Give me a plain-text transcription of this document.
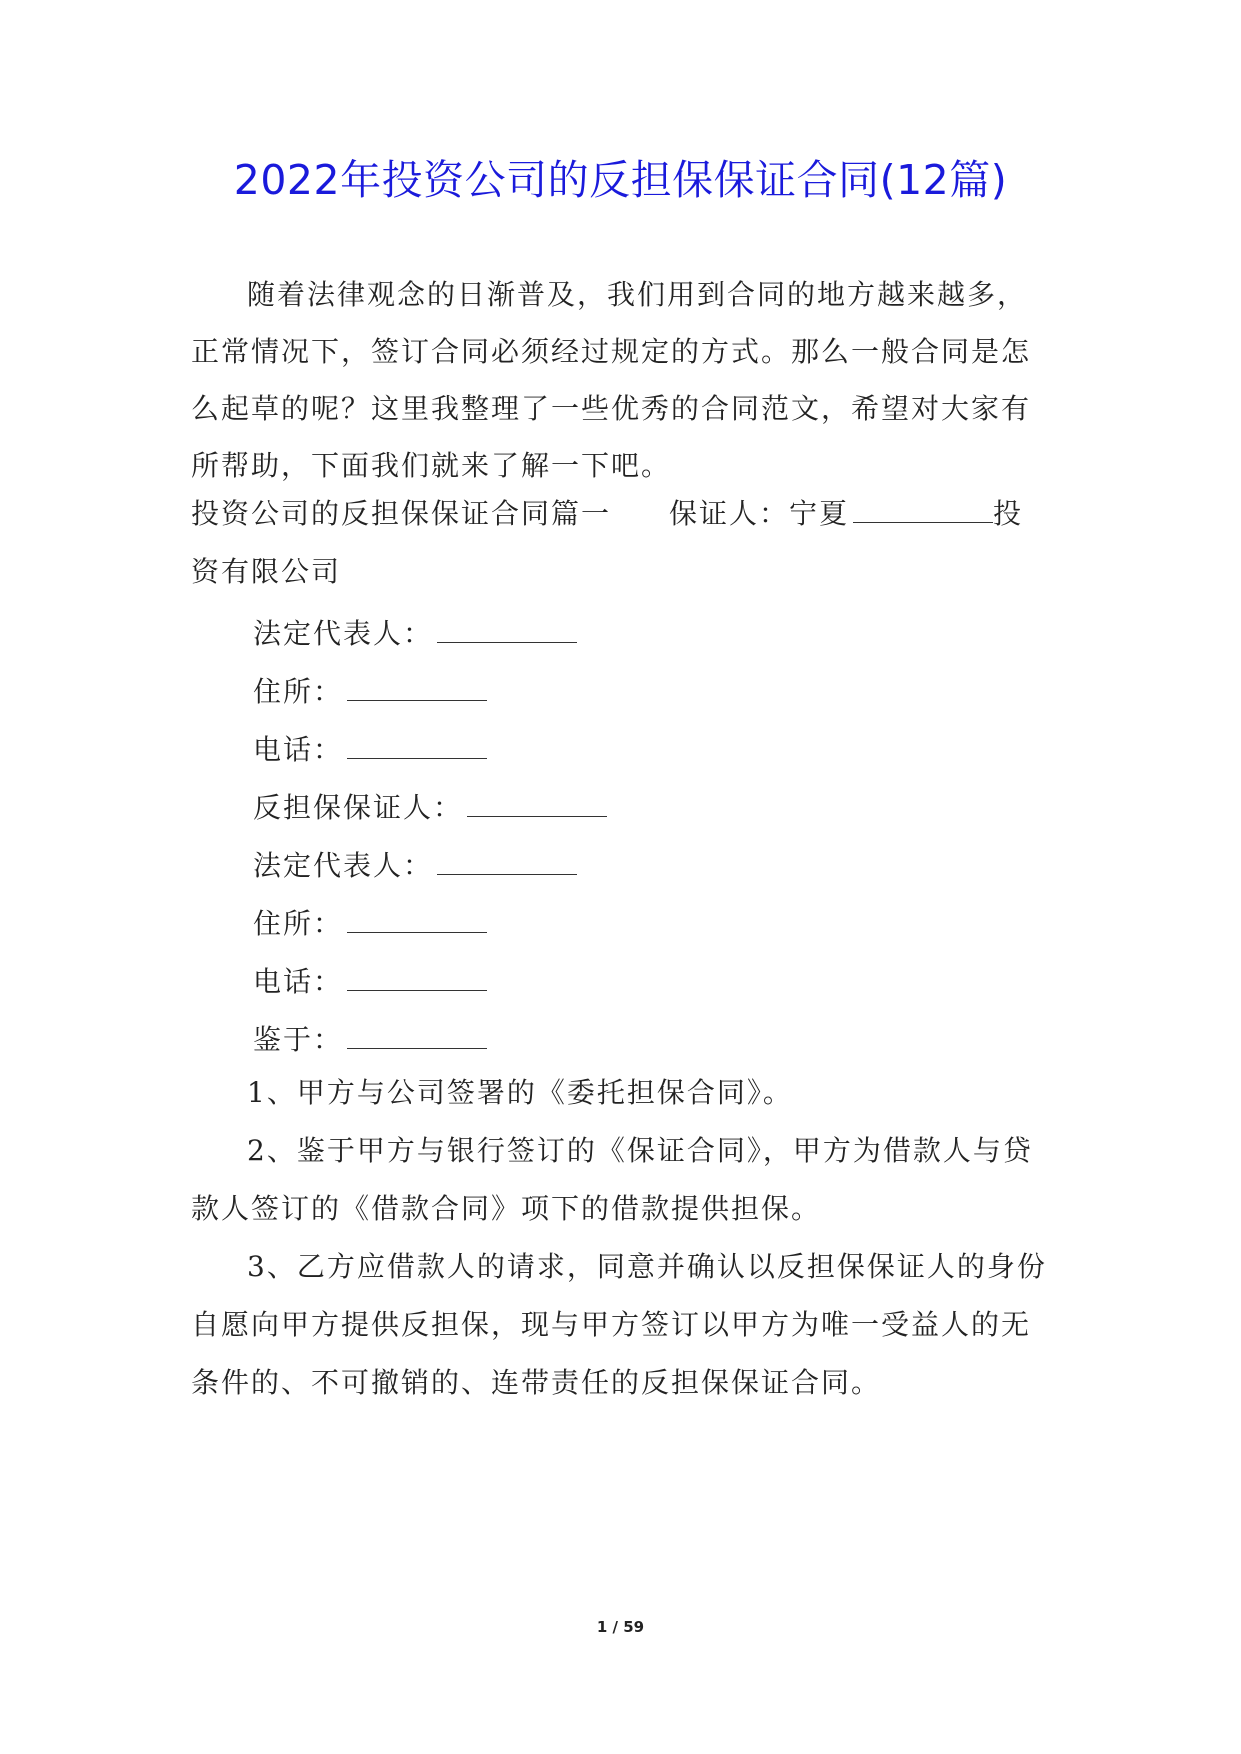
2022年投资公司的反担保保证合同(12篇)

随着法律观念的日渐普及，我们用到合同的地方越来越多，正常情况下，签订合同必须经过规定的方式。那么一般合同是怎么起草的呢？这里我整理了一些优秀的合同范文，希望对大家有所帮助，下面我们就来了解一下吧。

投资公司的反担保保证合同篇一 保证人：宁夏	投
资有限公司
法定代表人：
住所：
电话：
反担保保证人：
法定代表人：
住所：
电话：
鉴于：

1、甲方与公司签署的《委托担保合同》。

2、鉴于甲方与银行签订的《保证合同》，甲方为借款人与贷款人签订的《借款合同》项下的借款提供担保。

3、乙方应借款人的请求，同意并确认以反担保保证人的身份自愿向甲方提供反担保，现与甲方签订以甲方为唯一受益人的无条件的、不可撤销的、连带责任的反担保保证合同。

1 / 59
